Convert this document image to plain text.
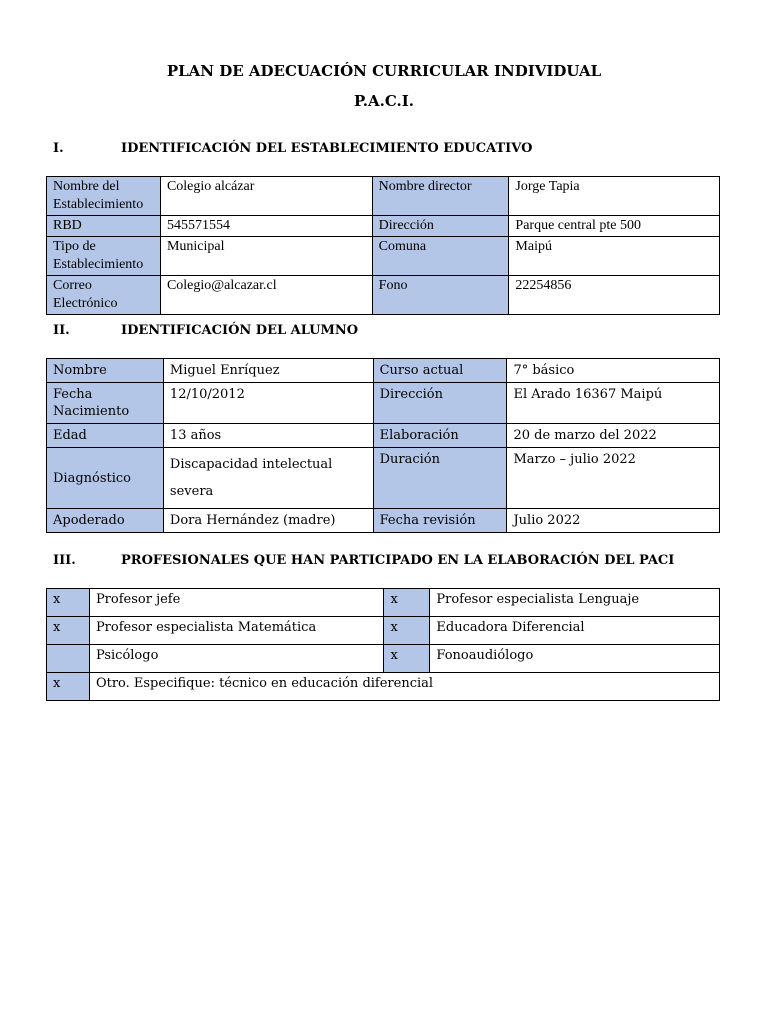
PLAN DE ADECUACIÓN CURRICULAR INDIVIDUAL
P.A.C.I.
I.	IDENTIFICACIÓN DEL ESTABLECIMIENTO EDUCATIVO
Nombre del Establecimiento	Colegio alcázar	Nombre director	Jorge Tapia
RBD	545571554	Dirección	Parque central pte 500
Tipo de Establecimiento	Municipal	Comuna	Maipú
Correo Electrónico	Colegio@alcazar.cl	Fono	22254856
II.	IDENTIFICACIÓN DEL ALUMNO
Nombre	Miguel Enríquez	Curso actual	7° básico
Fecha Nacimiento	12/10/2012	Dirección	El Arado 16367 Maipú
Edad	13 años	Elaboración	20 de marzo del 2022
Diagnóstico	Discapacidad intelectual severa	Duración	Marzo – julio 2022
Apoderado	Dora Hernández (madre)	Fecha revisión	Julio 2022
III.	PROFESIONALES QUE HAN PARTICIPADO EN LA ELABORACIÓN DEL PACI
x	Profesor jefe	x	Profesor especialista Lenguaje
x	Profesor especialista Matemática	x	Educadora Diferencial
	Psicólogo	x	Fonoaudiólogo
x	Otro. Especifique: técnico en educación diferencial		
